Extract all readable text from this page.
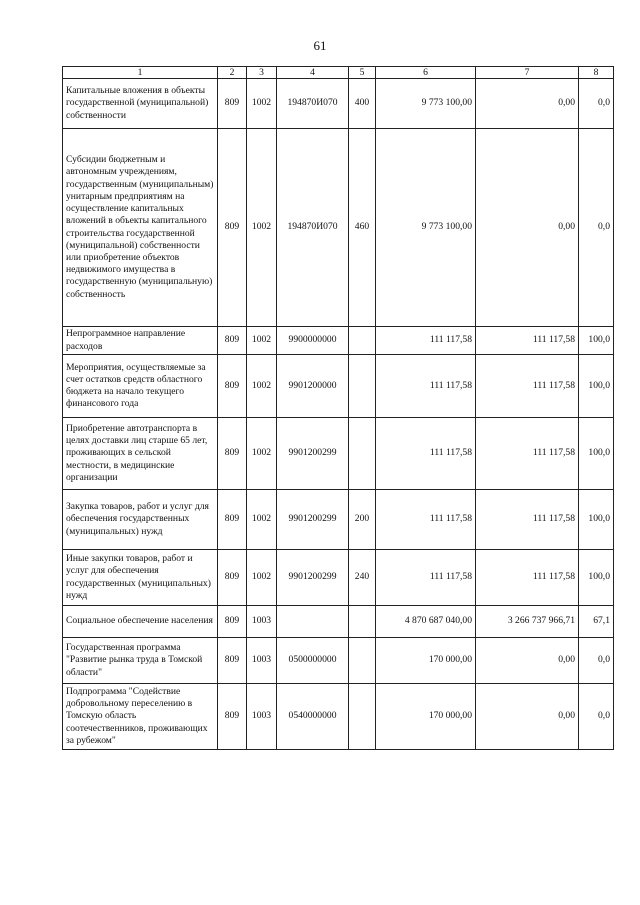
61
1	2	3	4	5	6	7	8
Капитальные вложения в объекты государственной (муниципальной) собственности	809	1002	194870И070	400	9 773 100,00	0,00	0,0
Субсидии бюджетным и автономным учреждениям, государственным (муниципальным) унитарным предприятиям на осуществление капитальных вложений в объекты капитального строительства государственной (муниципальной) собственности или приобретение объектов недвижимого имущества в государственную (муниципальную) собственность	809	1002	194870И070	460	9 773 100,00	0,00	0,0
Непрограммное направление расходов	809	1002	9900000000		111 117,58	111 117,58	100,0
Мероприятия, осуществляемые за счет остатков средств областного бюджета на начало текущего финансового года	809	1002	9901200000		111 117,58	111 117,58	100,0
Приобретение автотранспорта в целях доставки лиц старше 65 лет, проживающих в сельской местности, в медицинские организации	809	1002	9901200299		111 117,58	111 117,58	100,0
Закупка товаров, работ и услуг для обеспечения государственных (муниципальных) нужд	809	1002	9901200299	200	111 117,58	111 117,58	100,0
Иные закупки товаров, работ и услуг для обеспечения государственных (муниципальных) нужд	809	1002	9901200299	240	111 117,58	111 117,58	100,0
Социальное обеспечение населения	809	1003			4 870 687 040,00	3 266 737 966,71	67,1
Государственная программа "Развитие рынка труда в Томской области"	809	1003	0500000000		170 000,00	0,00	0,0
Подпрограмма "Содействие добровольному переселению в Томскую область соотечественников, проживающих за рубежом"	809	1003	0540000000		170 000,00	0,00	0,0
